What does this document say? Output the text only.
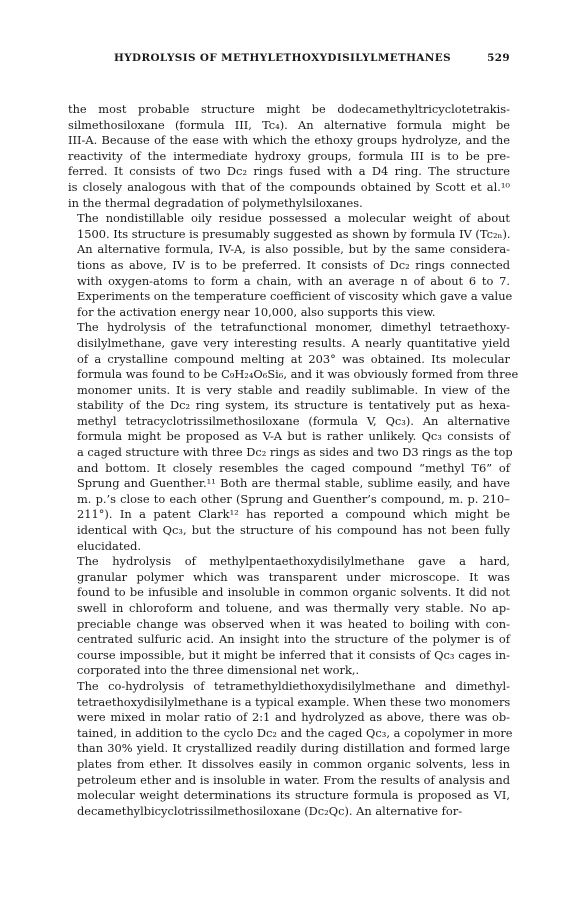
HYDROLYSIS OF METHYLETHOXYDISILYLMETHANES	529
the most probable structure might be dodecamethyltricyclotetrakis-
silmethosiloxane (formula III, Tc₄). An alternative formula might be
III-A. Because of the ease with which the ethoxy groups hydrolyze, and the
reactivity of the intermediate hydroxy groups, formula III is to be pre-
ferred. It consists of two Dc₂ rings fused with a D4 ring. The structure
is closely analogous with that of the compounds obtained by Scott et al.¹⁰
in the thermal degradation of polymethylsiloxanes.
The nondistillable oily residue possessed a molecular weight of about
1500. Its structure is presumably suggested as shown by formula IV (Tc₂ₙ).
An alternative formula, IV-A, is also possible, but by the same considera-
tions as above, IV is to be preferred. It consists of Dc₂ rings connected
with oxygen-atoms to form a chain, with an average n of about 6 to 7.
Experiments on the temperature coefficient of viscosity which gave a value
for the activation energy near 10,000, also supports this view.
The hydrolysis of the tetrafunctional monomer, dimethyl tetraethoxy-
disilylmethane, gave very interesting results. A nearly quantitative yield
of a crystalline compound melting at 203° was obtained. Its molecular
formula was found to be C₉H₂₄O₆Si₆, and it was obviously formed from three
monomer units. It is very stable and readily sublimable. In view of the
stability of the Dc₂ ring system, its structure is tentatively put as hexa-
methyl tetracyclotrissilmethosiloxane (formula V, Qc₃). An alternative
formula might be proposed as V-A but is rather unlikely. Qc₃ consists of
a caged structure with three Dc₂ rings as sides and two D3 rings as the top
and bottom. It closely resembles the caged compound “methyl T6” of
Sprung and Guenther.¹¹ Both are thermal stable, sublime easily, and have
m. p.’s close to each other (Sprung and Guenther’s compound, m. p. 210–
211°). In a patent Clark¹² has reported a compound which might be
identical with Qc₃, but the structure of his compound has not been fully
elucidated.
The hydrolysis of methylpentaethoxydisilylmethane gave a hard,
granular polymer which was transparent under microscope. It was
found to be infusible and insoluble in common organic solvents. It did not
swell in chloroform and toluene, and was thermally very stable. No ap-
preciable change was observed when it was heated to boiling with con-
centrated sulfuric acid. An insight into the structure of the polymer is of
course impossible, but it might be inferred that it consists of Qc₃ cages in-
corporated into the three dimensional net work,.
The co-hydrolysis of tetramethyldiethoxydisilylmethane and dimethyl-
tetraethoxydisilylmethane is a typical example. When these two monomers
were mixed in molar ratio of 2:1 and hydrolyzed as above, there was ob-
tained, in addition to the cyclo Dc₂ and the caged Qc₃, a copolymer in more
than 30% yield. It crystallized readily during distillation and formed large
plates from ether. It dissolves easily in common organic solvents, less in
petroleum ether and is insoluble in water. From the results of analysis and
molecular weight determinations its structure formula is proposed as VI,
decamethylbicyclotrissilmethosiloxane (Dc₂Qc). An alternative for-
